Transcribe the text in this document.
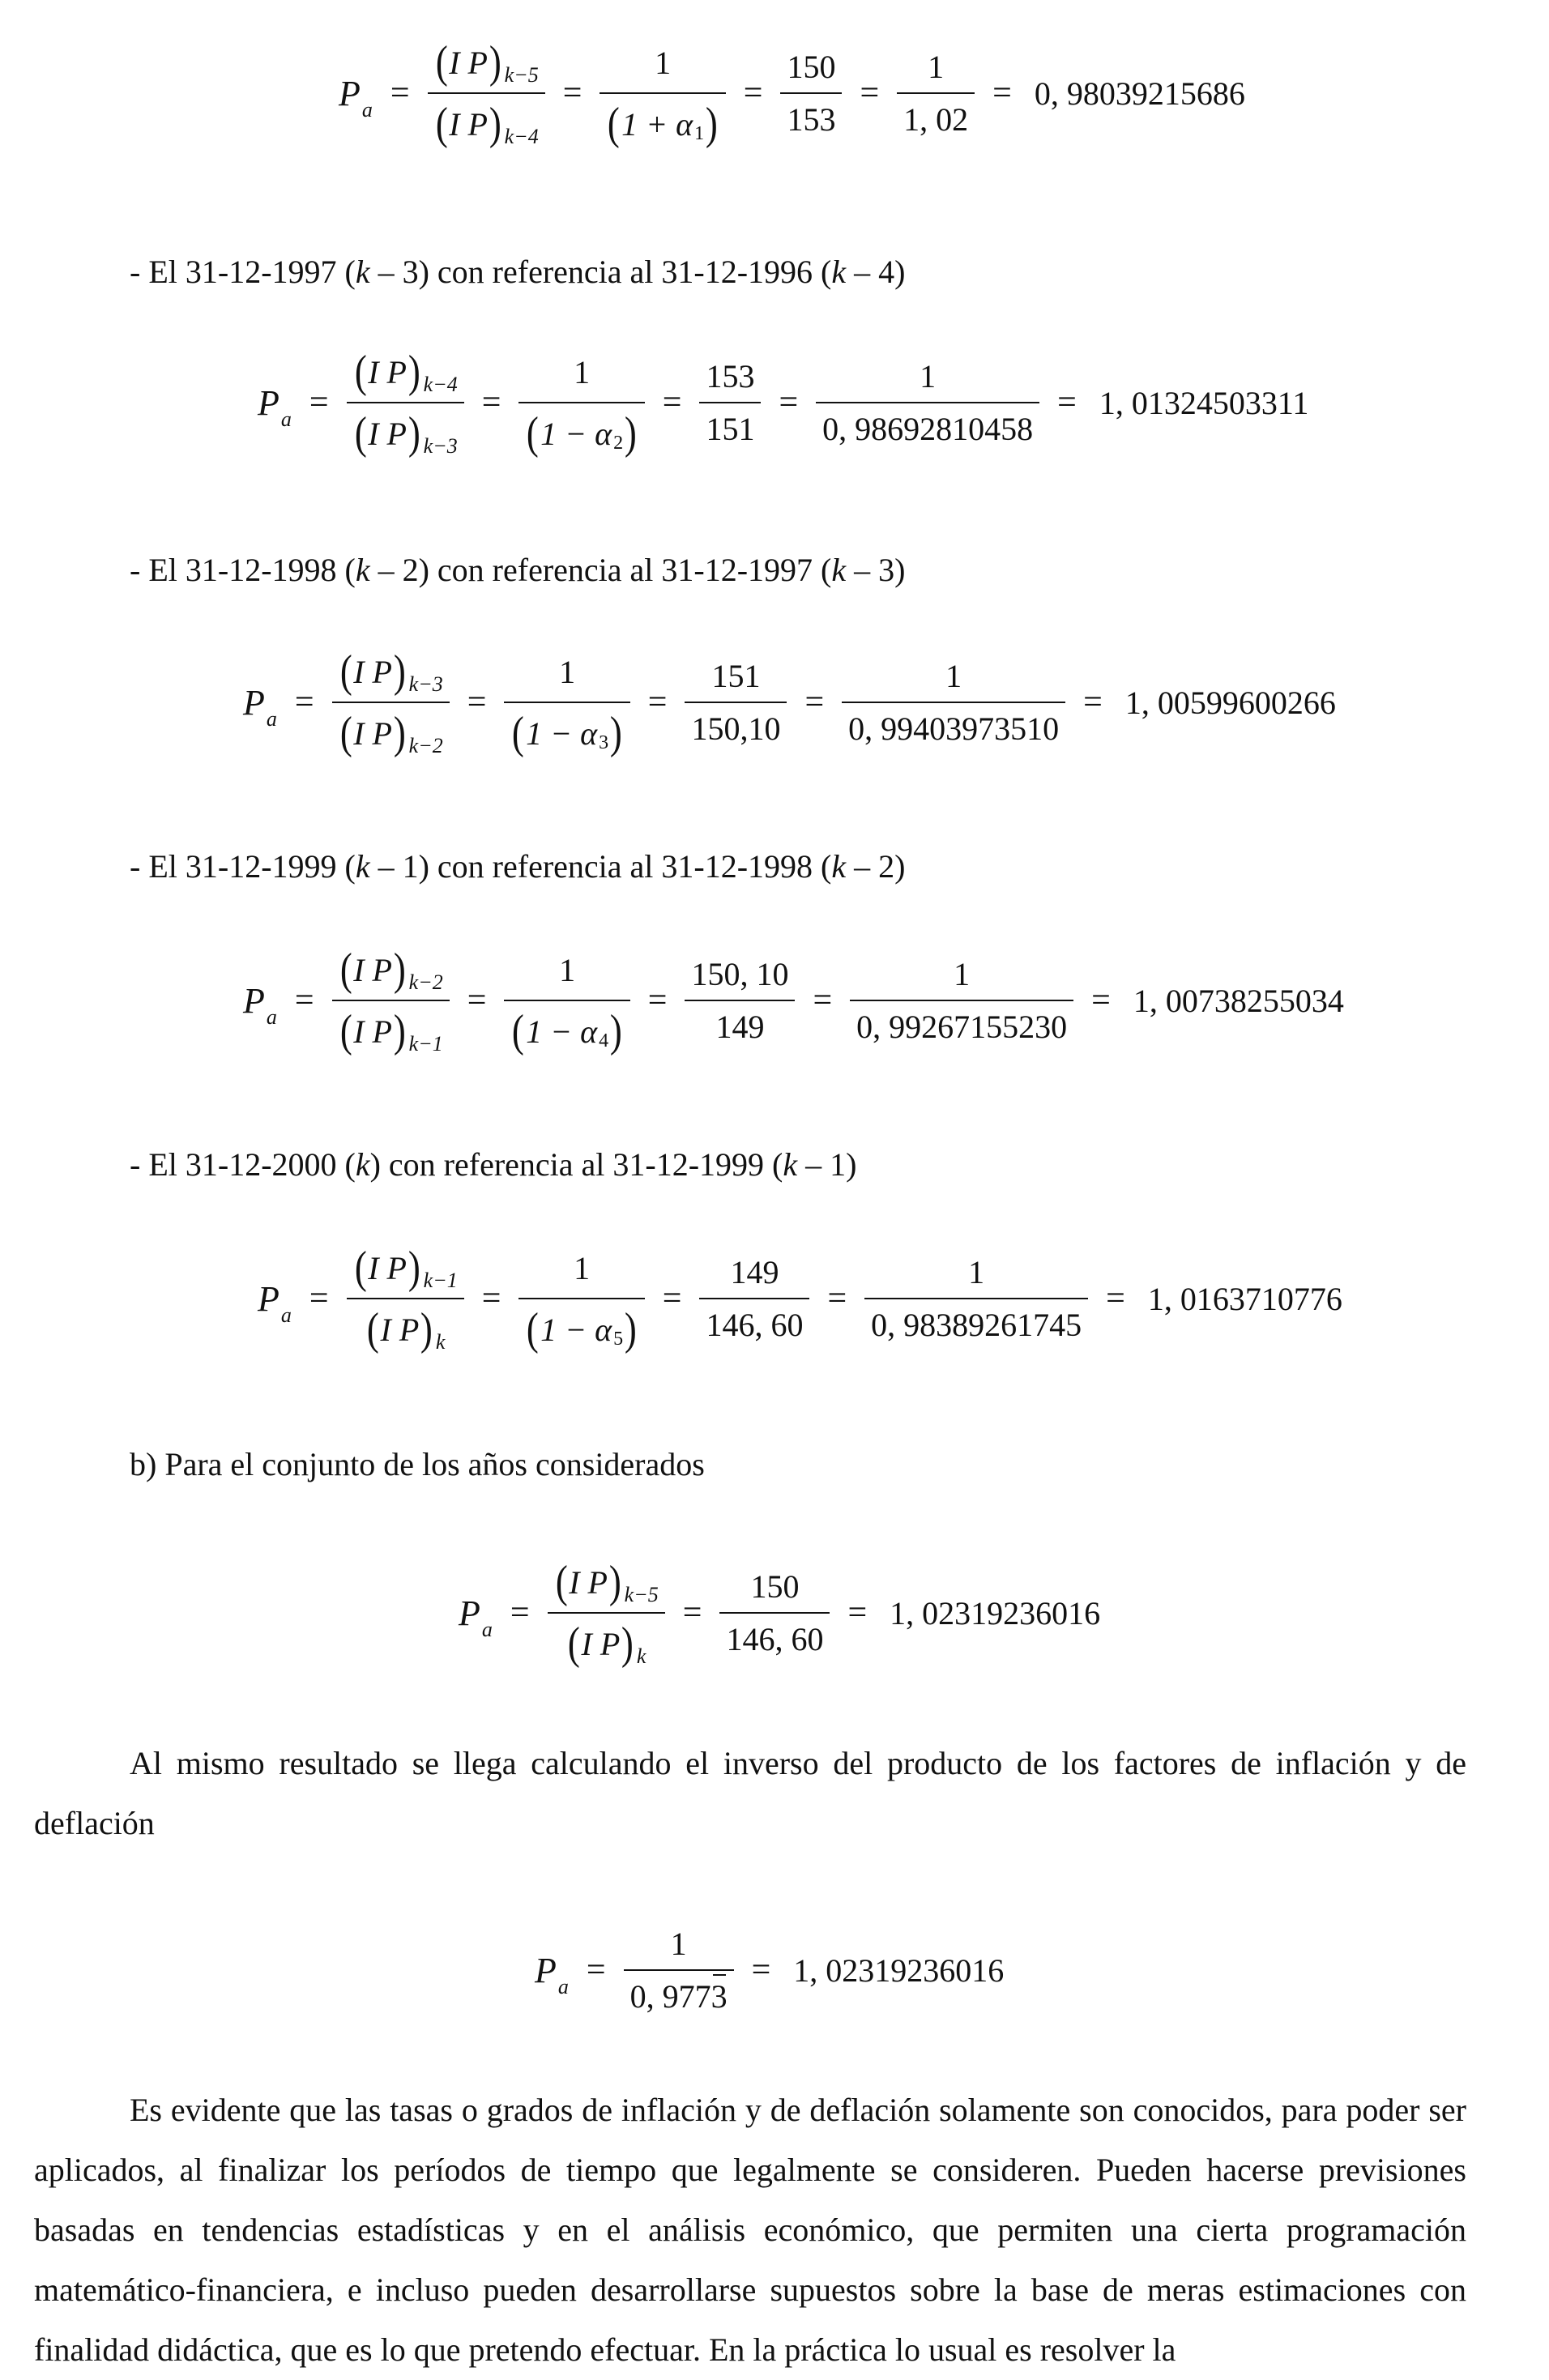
P $a = \frac{\text{( I P ) k−5}}{\text{( I P ) k−4}} = \frac{1}{( 1 + \alpha 1 )} = \frac{150}{153} = \frac{1}{1, 02} = 0$, 98039215686
- El 31-12-1997 (k – 3) con referencia al 31-12-1996 (k – 4)
P $a = \frac{\text{( I P ) k−4}}{\text{( I P ) k−3}} = \frac{1}{( 1 - \alpha 2 )} = \frac{153}{151} = \frac{1}{0, 98692810458} = 1$, 01324503311
- El 31-12-1998 (k – 2) con referencia al 31-12-1997 (k – 3)
P $a = \frac{\text{( I P ) k−3}}{\text{( I P ) k−2}} = \frac{1}{( 1 - \alpha 3 )} = \frac{151}{150,10} = \frac{1}{0, 99403973510} = 1$, 00599600266
- El 31-12-1999 (k – 1) con referencia al 31-12-1998 (k – 2)
P $a = \frac{\text{( I P ) k−2}}{\text{( I P ) k−1}} = \frac{1}{( 1 - \alpha 4 )} = \frac{150, 10}{149} = \frac{1}{0, 99267155230} = 1$, 00738255034
- El 31-12-2000 (k) con referencia al 31-12-1999 (k – 1)
P $a = \frac{\text{( I P ) k−1}}{\text{( I P ) k}} = \frac{1}{( 1 - \alpha 5 )} = \frac{149}{146, 60} = \frac{1}{0, 98389261745} = 1$, 0163710776
b) Para el conjunto de los años considerados
P $a = \frac{\text{( I P ) k−5}}{\text{( I P ) k}} = \frac{150}{146, 60} = 1$, 02319236016
Al mismo resultado se llega calculando el inverso del producto de los factores de inflación y de deflación
P $a = \frac{1}{0, 977 3} = 1$, 02319236016
Es evidente que las tasas o grados de inflación y de deflación solamente son conocidos, para poder ser aplicados, al finalizar los períodos de tiempo que legalmente se consideren. Pueden hacerse previsiones basadas en tendencias estadísticas y en el análisis económico, que permiten una cierta programación matemático-financiera, e incluso pueden desarrollarse supuestos sobre la base de meras estimaciones con finalidad didáctica, que es lo que pretendo efectuar. En la práctica lo usual es resolver la
